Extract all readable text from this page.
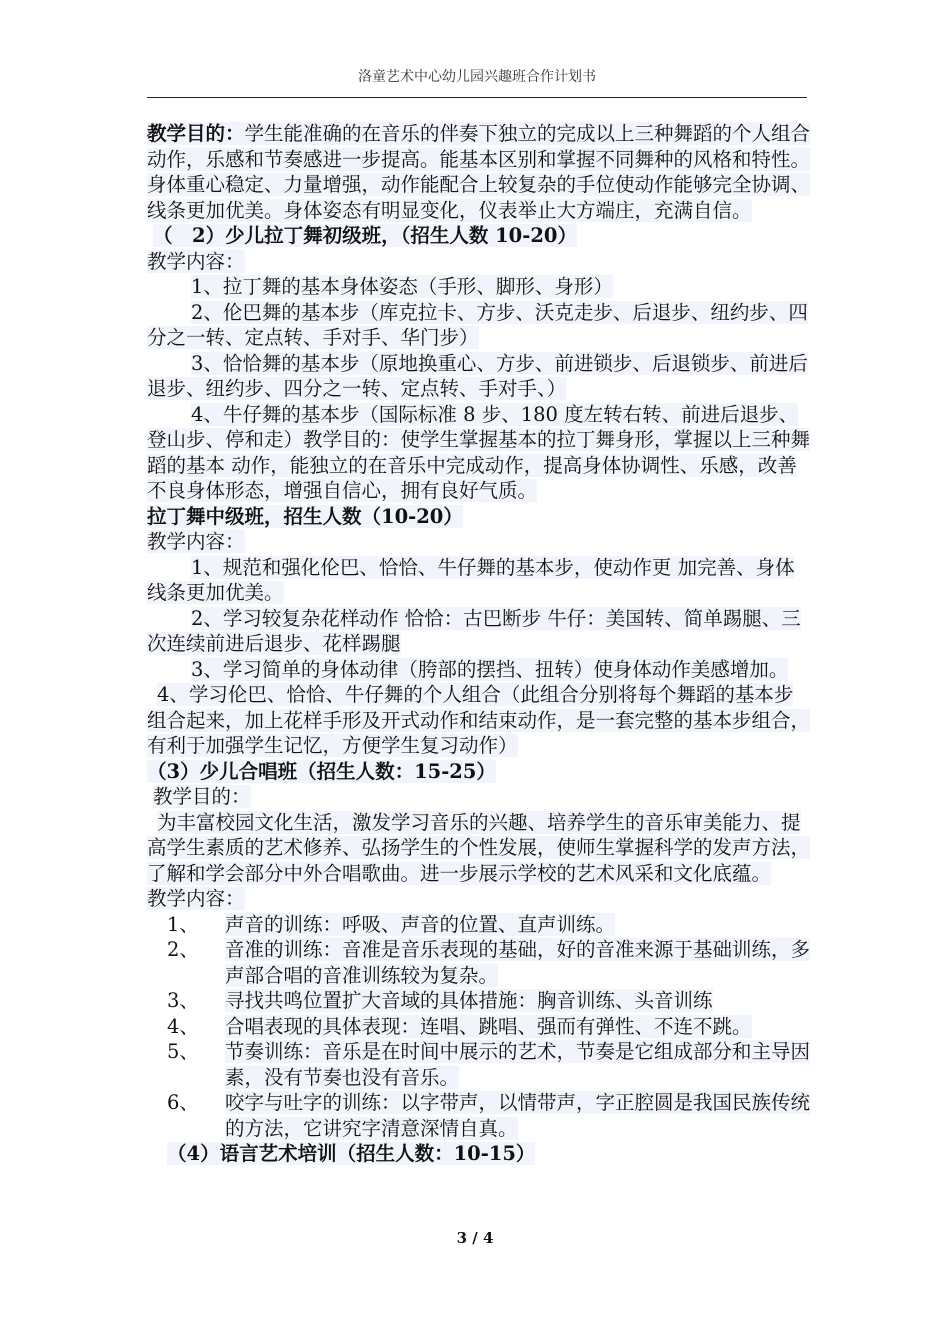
洛童艺术中心幼儿园兴趣班合作计划书

教学目的：学生能准确的在音乐的伴奏下独立的完成以上三种舞蹈的个人组合动作，乐感和节奏感进一步提高。能基本区别和掌握不同舞种的风格和特性。身体重心稳定、力量增强，动作能配合上较复杂的手位使动作能够完全协调、线条更加优美。身体姿态有明显变化，仪表举止大方端庄，充满自信。

（　2）少儿拉丁舞初级班，（招生人数 10-20）

教学内容：

1、拉丁舞的基本身体姿态（手形、脚形、身形）

2、伦巴舞的基本步（库克拉卡、方步、沃克走步、后退步、纽约步、四分之一转、定点转、手对手、华门步）

3、恰恰舞的基本步（原地换重心、方步、前进锁步、后退锁步、前进后退步、纽约步、四分之一转、定点转、手对手、）

4、牛仔舞的基本步（国际标准 8 步、180 度左转右转、前进后退步、登山步、停和走）教学目的：使学生掌握基本的拉丁舞身形，掌握以上三种舞蹈的基本 动作，能独立的在音乐中完成动作，提高身体协调性、乐感，改善不良身体形态，增强自信心，拥有良好气质。

拉丁舞中级班，招生人数（10-20）

教学内容：

1、规范和强化伦巴、恰恰、牛仔舞的基本步，使动作更 加完善、身体线条更加优美。

2、学习较复杂花样动作 恰恰：古巴断步 牛仔：美国转、简单踢腿、三次连续前进后退步、花样踢腿

3、学习简单的身体动律（胯部的摆挡、扭转）使身体动作美感增加。

4、学习伦巴、恰恰、牛仔舞的个人组合（此组合分别将每个舞蹈的基本步组合起来，加上花样手形及开式动作和结束动作，是一套完整的基本步组合，有利于加强学生记忆，方便学生复习动作）

（3）少儿合唱班（招生人数：15-25）

教学目的：

为丰富校园文化生活，激发学习音乐的兴趣、培养学生的音乐审美能力、提高学生素质的艺术修养、弘扬学生的个性发展，使师生掌握科学的发声方法，了解和学会部分中外合唱歌曲。进一步展示学校的艺术风采和文化底蕴。

教学内容：

1、	声音的训练：呼吸、声音的位置、直声训练。
2、	音准的训练：音准是音乐表现的基础，好的音准来源于基础训练，多声部合唱的音准训练较为复杂。
3、	寻找共鸣位置扩大音域的具体措施：胸音训练、头音训练
4、	合唱表现的具体表现：连唱、跳唱、强而有弹性、不连不跳。
5、	节奏训练：音乐是在时间中展示的艺术，节奏是它组成部分和主导因素，没有节奏也没有音乐。
6、	咬字与吐字的训练：以字带声，以情带声，字正腔圆是我国民族传统的方法，它讲究字清意深情自真。

（4）语言艺术培训（招生人数：10-15）

3 / 4
